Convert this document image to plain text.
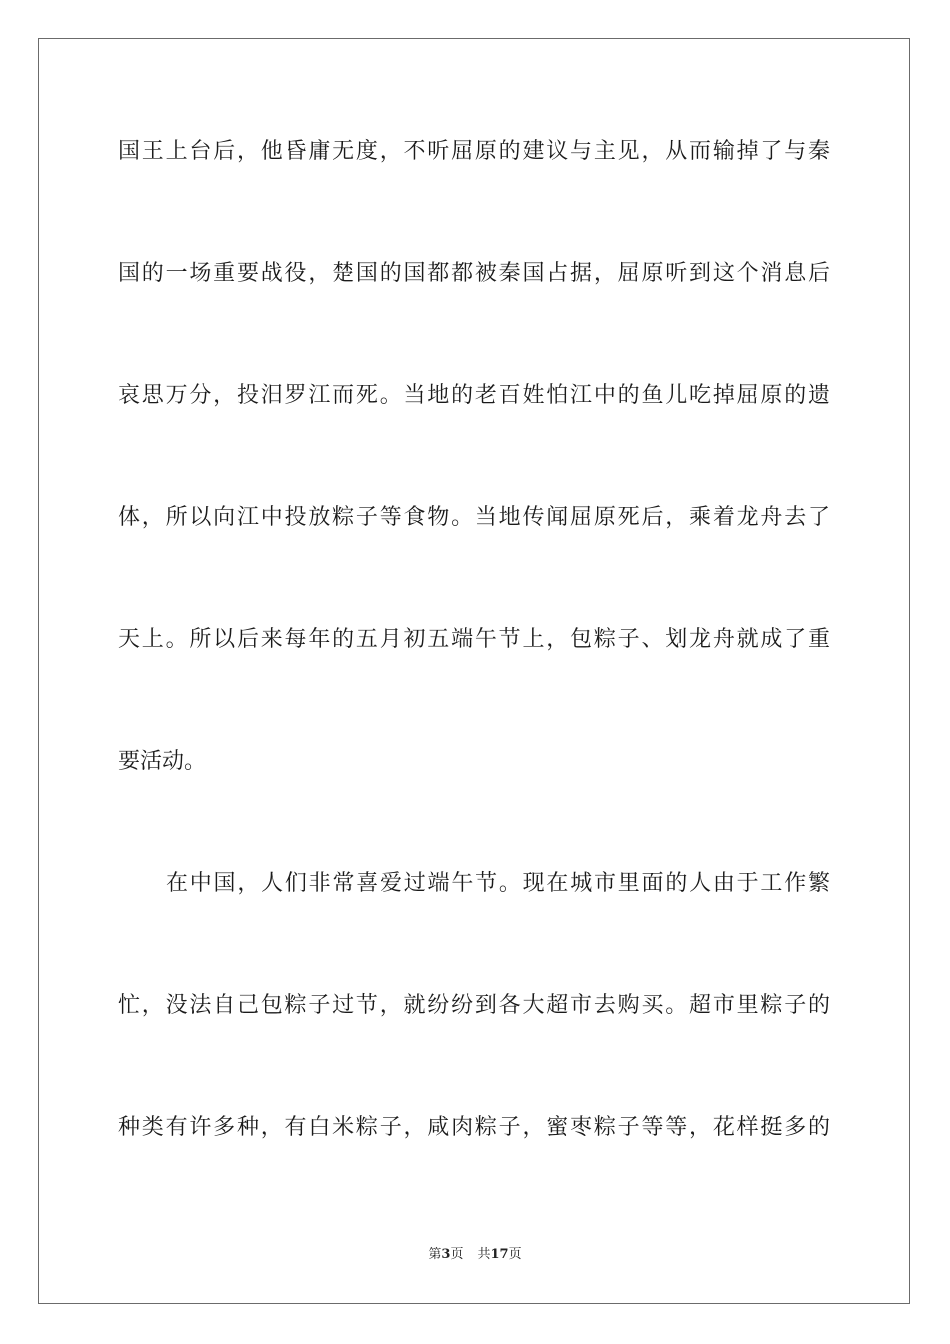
国王上台后，他昏庸无度，不听屈原的建议与主见，从而输掉了与秦
国的一场重要战役，楚国的国都都被秦国占据，屈原听到这个消息后
哀思万分，投汨罗江而死。当地的老百姓怕江中的鱼儿吃掉屈原的遗
体，所以向江中投放粽子等食物。当地传闻屈原死后，乘着龙舟去了
天上。所以后来每年的五月初五端午节上，包粽子、划龙舟就成了重
要活动。
在中国，人们非常喜爱过端午节。现在城市里面的人由于工作繁
忙，没法自己包粽子过节，就纷纷到各大超市去购买。超市里粽子的
种类有许多种，有白米粽子，咸肉粽子，蜜枣粽子等等，花样挺多的
第3页 共17页
